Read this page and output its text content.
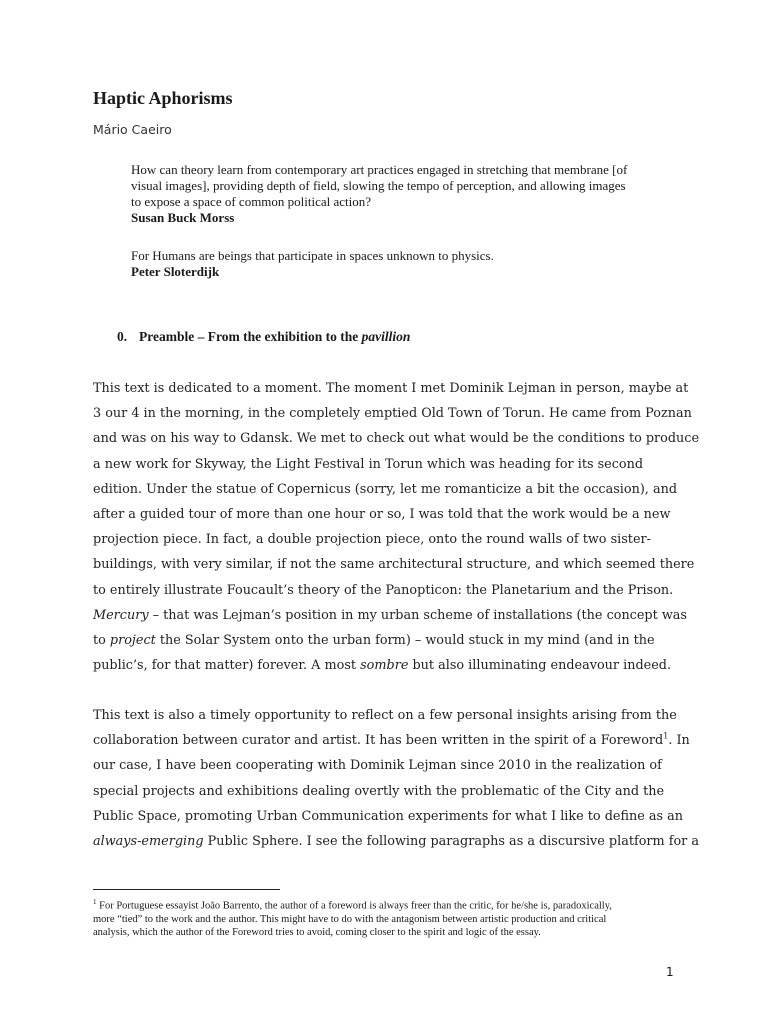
Haptic Aphorisms
Mário Caeiro

How can theory learn from contemporary art practices engaged in stretching that membrane [of
visual images], providing depth of field, slowing the tempo of perception, and allowing images
to expose a space of common political action?

Susan Buck Morss

For Humans are beings that participate in spaces unknown to physics.

Peter Sloterdijk

0. Preamble – From the exhibition to the pavillion

This text is dedicated to a moment. The moment I met Dominik Lejman in person, maybe at
3 our 4 in the morning, in the completely emptied Old Town of Torun. He came from Poznan
and was on his way to Gdansk. We met to check out what would be the conditions to produce
a new work for Skyway, the Light Festival in Torun which was heading for its second
edition. Under the statue of Copernicus (sorry, let me romanticize a bit the occasion), and
after a guided tour of more than one hour or so, I was told that the work would be a new
projection piece. In fact, a double projection piece, onto the round walls of two sister-
buildings, with very similar, if not the same architectural structure, and which seemed there
to entirely illustrate Foucault’s theory of the Panopticon: the Planetarium and the Prison.
Mercury – that was Lejman’s position in my urban scheme of installations (the concept was
to project the Solar System onto the urban form) – would stuck in my mind (and in the
public’s, for that matter) forever. A most sombre but also illuminating endeavour indeed.

This text is also a timely opportunity to reflect on a few personal insights arising from the
collaboration between curator and artist. It has been written in the spirit of a Foreword$^1$. In
our case, I have been cooperating with Dominik Lejman since 2010 in the realization of
special projects and exhibitions dealing overtly with the problematic of the City and the
Public Space, promoting Urban Communication experiments for what I like to define as an
always-emerging Public Sphere. I see the following paragraphs as a discursive platform for a

$^1$ For Portuguese essayist João Barrento, the author of a foreword is always freer than the critic, for he/she is, paradoxically,
more “tied” to the work and the author. This might have to do with the antagonism between artistic production and critical
analysis, which the author of the Foreword tries to avoid, coming closer to the spirit and logic of the essay.

1
